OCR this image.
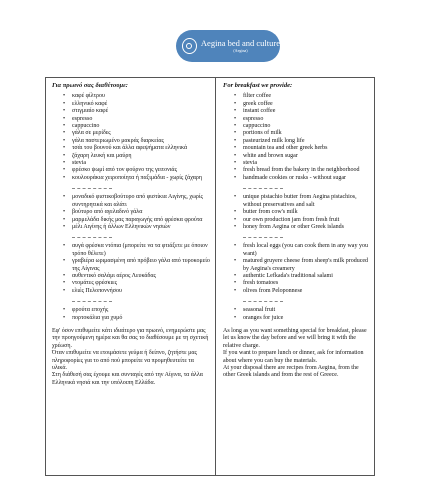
Aegina bed and culture
(Aegina)
Για πρωινό σας διαθέτουμε:
• καφέ φίλτρου
• ελληνικό καφέ
• στιγμιαίο καφέ
• espresso
• cappuccino
• γάλα σε μερίδες
• γάλα παστεριωμένο μακράς διαρκείας
• τσάι του βουνού και άλλα αφεψήματα ελληνικά
• ζάχαρη λευκή και μαύρη
• stevia
• φρέσκο ψωμί από τον φούρνο της γειτονιάς
• κουλουράκια χειροποίητα ή παξιμάδια - χωρίς ζάχαρη
• μοναδικό φιστικοβούτυρο από φιστίκια Αιγίνης, χωρίς συντηρητικά και αλάτι
• βούτυρο από αγελαδινό γάλα
• μαρμελάδα δικής μας παραγωγής από φρέσκα φρούτα
• μέλι Αιγίνης ή άλλων Ελληνικών νησιών
• αυγά φρέσκα ντόπια (μπορείτε να τα φτιάξετε με όποιον τρόπο θέλετε)
• γραβιέρα ωριμασμένη από πρόβειο γάλα από τυροκομείο της Αίγινας
• αυθεντικό σαλάμι αέρος Λευκάδας
• ντομάτες φρέσκιες
• ελιές Πελοποννήσου
• φρούτα εποχής
• πορτοκάλια για χυμό
Εφ' όσον επιθυμείτε κάτι ιδιαίτερο για πρωινό, ενημερώστε μας την προηγούμενη ημέρα και θα σας το διαθέσουμε με τη σχετική χρέωση.
Όταν επιθυμείτε να ετοιμάσετε γεύμα ή δείπνο, ζητήστε μας πληροφορίες για το από πού μπορείτε να προμηθευτείτε τα υλικά.
Στη διάθεσή σας έχουμε και συνταγές από την Αίγινα, τα άλλα Ελληνικά νησιά και την υπόλοιπη Ελλάδα.
For breakfast we provide:
• filter coffee
• greek coffee
• instant coffee
• espresso
• cappuccino
• portions of milk
• pasteurized milk long life
• mountain tea and other greek herbs
• white and brown sugar
• stevia
• fresh bread from the bakery in the neighborhood
• handmade cookies or rusks - without sugar
• unique pistachio butter from Aegina pistachios, without preservatives and salt
• butter from cow's milk
• our own production jam from fresh fruit
• honey from Aegina or other Greek islands
• fresh local eggs (you can cook them in any way you want)
• matured gruyere cheese from sheep's milk produced by Aegina's creamery
• authentic Lefkada's traditional salami
• fresh tomatoes
• olives from Peloponnese
• seasonal fruit
• oranges for juice
As long as you want something special for breakfast, please let us know the day before and we will bring it with the relative charge.
If you want to prepare lunch or dinner, ask for information about where you can buy the materials.
At your disposal there are recipes from Aegina, from the other Greek islands and from the rest of Greece.
